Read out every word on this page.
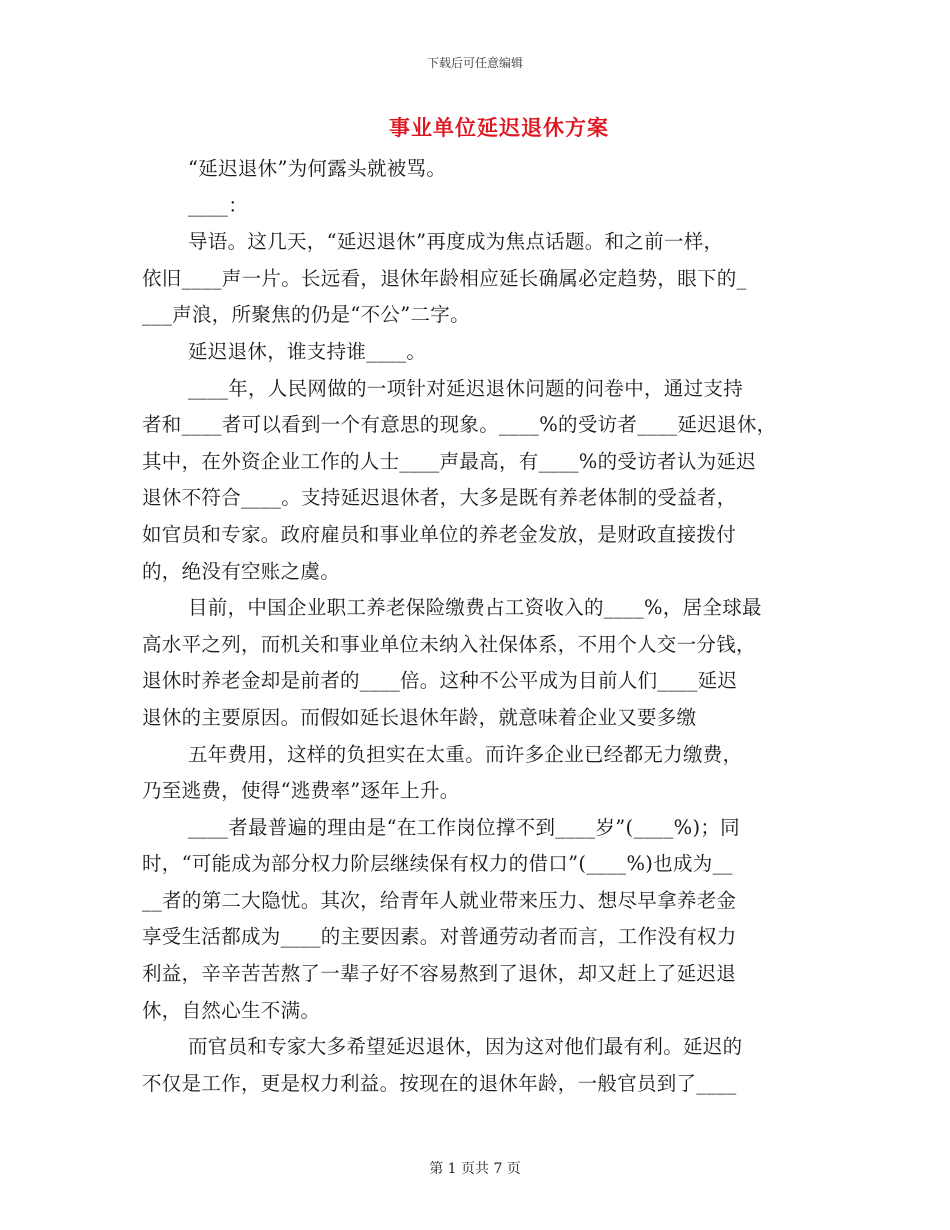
下载后可任意编辑
事业单位延迟退休方案
“延迟退休”为何露头就被骂。
____：
导语。这几天，“延迟退休”再度成为焦点话题。和之前一样，
依旧____声一片。长远看，退休年龄相应延长确属必定趋势，眼下的_
___声浪，所聚焦的仍是“不公”二字。
延迟退休，谁支持谁____。
____年，人民网做的一项针对延迟退休问题的问卷中，通过支持
者和____者可以看到一个有意思的现象。____%的受访者____延迟退休，
其中，在外资企业工作的人士____声最高，有____%的受访者认为延迟
退休不符合____。支持延迟退休者，大多是既有养老体制的受益者，
如官员和专家。政府雇员和事业单位的养老金发放，是财政直接拨付
的，绝没有空账之虞。
目前，中国企业职工养老保险缴费占工资收入的____%，居全球最
高水平之列，而机关和事业单位未纳入社保体系，不用个人交一分钱，
退休时养老金却是前者的____倍。这种不公平成为目前人们____延迟
退休的主要原因。而假如延长退休年龄，就意味着企业又要多缴
五年费用，这样的负担实在太重。而许多企业已经都无力缴费，
乃至逃费，使得“逃费率”逐年上升。
____者最普遍的理由是“在工作岗位撑不到____岁”(____%)；同
时，“可能成为部分权力阶层继续保有权力的借口”(____%)也成为__
__者的第二大隐忧。其次，给青年人就业带来压力、想尽早拿养老金
享受生活都成为____的主要因素。对普通劳动者而言，工作没有权力
利益，辛辛苦苦熬了一辈子好不容易熬到了退休，却又赶上了延迟退
休，自然心生不满。
而官员和专家大多希望延迟退休，因为这对他们最有利。延迟的
不仅是工作，更是权力利益。按现在的退休年龄，一般官员到了____
第 1 页共 7 页
